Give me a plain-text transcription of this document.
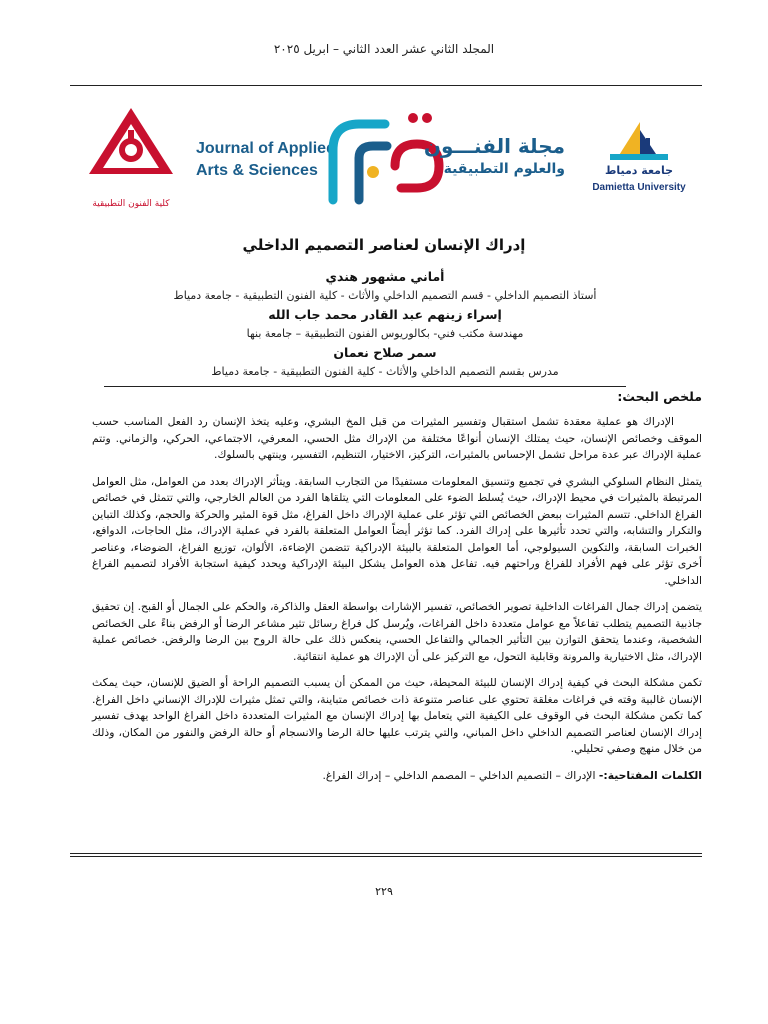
المجلد الثاني عشر العدد الثاني – ابريل ٢٠٢٥
كلية الفنون التطبيقية
Journal of Applied
Arts & Sciences
مجلة الفنـــون
والعلوم التطبيقية	جامعة دمياط
Damietta University
إدراك الإنسان لعناصر التصميم الداخلي
أماني مشهور هندي
أستاذ التصميم الداخلي - قسم التصميم الداخلي والأثاث - كلية الفنون التطبيقية - جامعة دمياط
إسراء زينهم عبد القادر محمد جاب الله
مهندسة مكتب فني- بكالوريوس الفنون التطبيقية – جامعة بنها
سمر صلاح نعمان
مدرس بقسم التصميم الداخلي والأثاث - كلية الفنون التطبيقية - جامعة دمياط
ملخص البحث:

الإدراك هو عملية معقدة تشمل استقبال وتفسير المثيرات من قبل المخ البشري، وعليه يتخذ الإنسان رد الفعل المناسب حسب الموقف وخصائص الإنسان، حيث يمتلك الإنسان أنواعًا مختلفة من الإدراك مثل الحسي، المعرفي، الاجتماعي، الحركي، والزماني. وتتم عملية الإدراك عبر عدة مراحل تشمل الإحساس بالمثيرات، التركيز، الاختيار، التنظيم، التفسير، وينتهي بالسلوك.

يتمثل النظام السلوكي البشري في تجميع وتنسيق المعلومات مستفيدًا من التجارب السابقة. ويتأثر الإدراك بعدد من العوامل، مثل العوامل المرتبطة بالمثيرات في محيط الإدراك، حيث يُسلط الضوء على المعلومات التي يتلقاها الفرد من العالم الخارجي، والتي تتمثل في خصائص الفراغ الداخلي. تتسم المثيرات ببعض الخصائص التي تؤثر على عملية الإدراك داخل الفراغ، مثل قوة المثير والحركة والحجم، وكذلك التباين والتكرار والتشابه، والتي تحدد تأثيرها على إدراك الفرد. كما تؤثر أيضاً العوامل المتعلقة بالفرد في عملية الإدراك، مثل الحاجات، الدوافع، الخبرات السابقة، والتكوين السيولوجي، أما العوامل المتعلقة بالبيئة الإدراكية تتضمن الإضاءة، الألوان، توزيع الفراغ، الضوضاء، وعناصر أخرى تؤثر على فهم الأفراد للفراغ وراحتهم فيه. تفاعل هذه العوامل يشكل البيئة الإدراكية ويحدد كيفية استجابة الأفراد لتصميم الفراغ الداخلي.

يتضمن إدراك جمال الفراغات الداخلية تصوير الخصائص، تفسير الإشارات بواسطة العقل والذاكرة، والحكم على الجمال أو القبح. إن تحقيق جاذبية التصميم يتطلب تفاعلاً مع عوامل متعددة داخل الفراغات، ويُرسل كل فراغ رسائل تثير مشاعر الرضا أو الرفض بناءً على الخصائص الشخصية، وعندما يتحقق التوازن بين التأثير الجمالي والتفاعل الحسي، ينعكس ذلك على حالة الروح بين الرضا والرفض. خصائص عملية الإدراك، مثل الاختيارية والمرونة وقابلية التحول، مع التركيز على أن الإدراك هو عملية انتقائية.

تكمن مشكلة البحث في كيفية إدراك الإنسان للبيئة المحيطة، حيث من الممكن أن يسبب التصميم الراحة أو الضيق للإنسان، حيث يمكث الإنسان غالبية وقته في فراغات مغلقة تحتوي على عناصر متنوعة ذات خصائص متباينة، والتي تمثل مثيرات للإدراك الإنساني داخل الفراغ. كما تكمن مشكلة البحث في الوقوف على الكيفية التي يتعامل بها إدراك الإنسان مع المثيرات المتعددة داخل الفراغ الواحد يهدف تفسير إدراك الإنسان لعناصر التصميم الداخلي داخل المباني، والتي يترتب عليها حالة الرضا والانسجام أو حالة الرفض والنفور من المكان، وذلك من خلال منهج وصفي تحليلي.

الكلمات المفتاحية:- الإدراك – التصميم الداخلي – المصمم الداخلي – إدراك الفراغ.

٢٢٩
